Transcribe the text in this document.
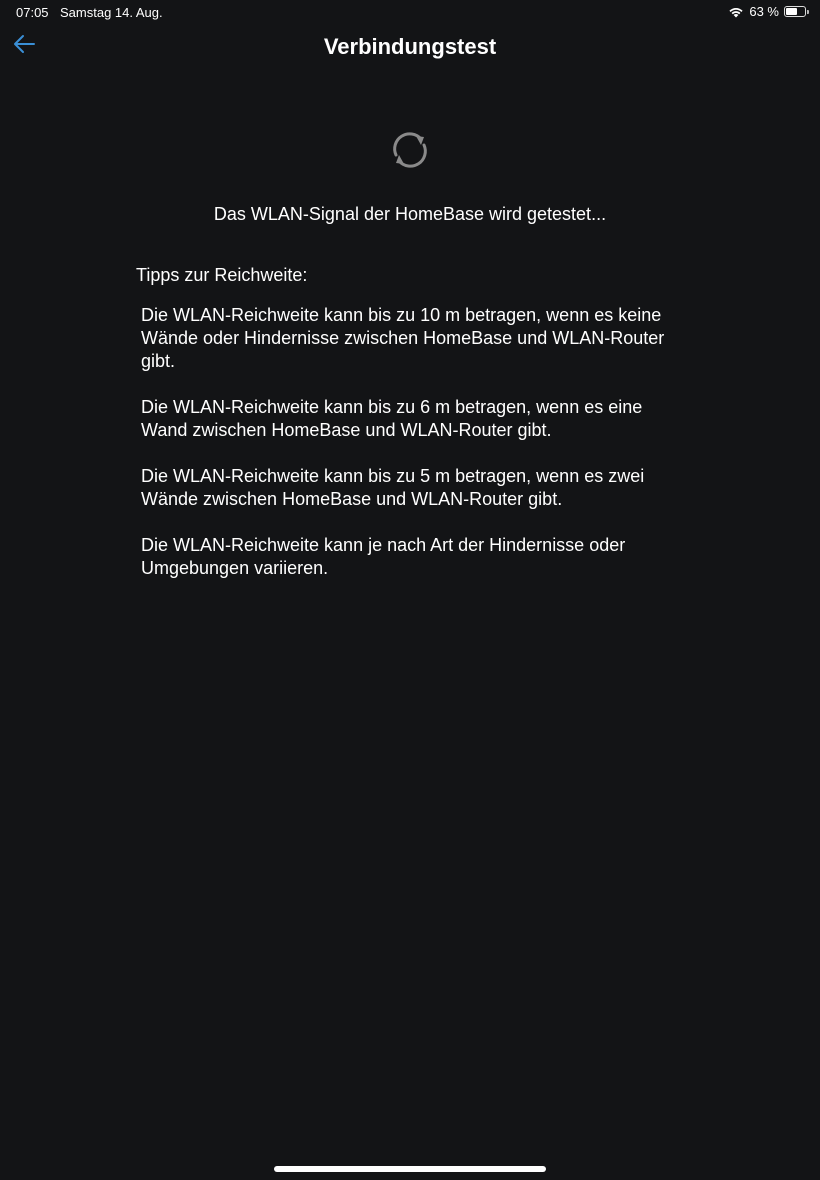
07:05 Samstag 14. Aug.	63 %
Verbindungstest
Das WLAN-Signal der HomeBase wird getestet...
Tipps zur Reichweite:

Die WLAN-Reichweite kann bis zu 10 m betragen, wenn es keine Wände oder Hindernisse zwischen HomeBase und WLAN-Router gibt.

Die WLAN-Reichweite kann bis zu 6 m betragen, wenn es eine Wand zwischen HomeBase und WLAN-Router gibt.

Die WLAN-Reichweite kann bis zu 5 m betragen, wenn es zwei Wände zwischen HomeBase und WLAN-Router gibt.

Die WLAN-Reichweite kann je nach Art der Hindernisse oder Umgebungen variieren.
